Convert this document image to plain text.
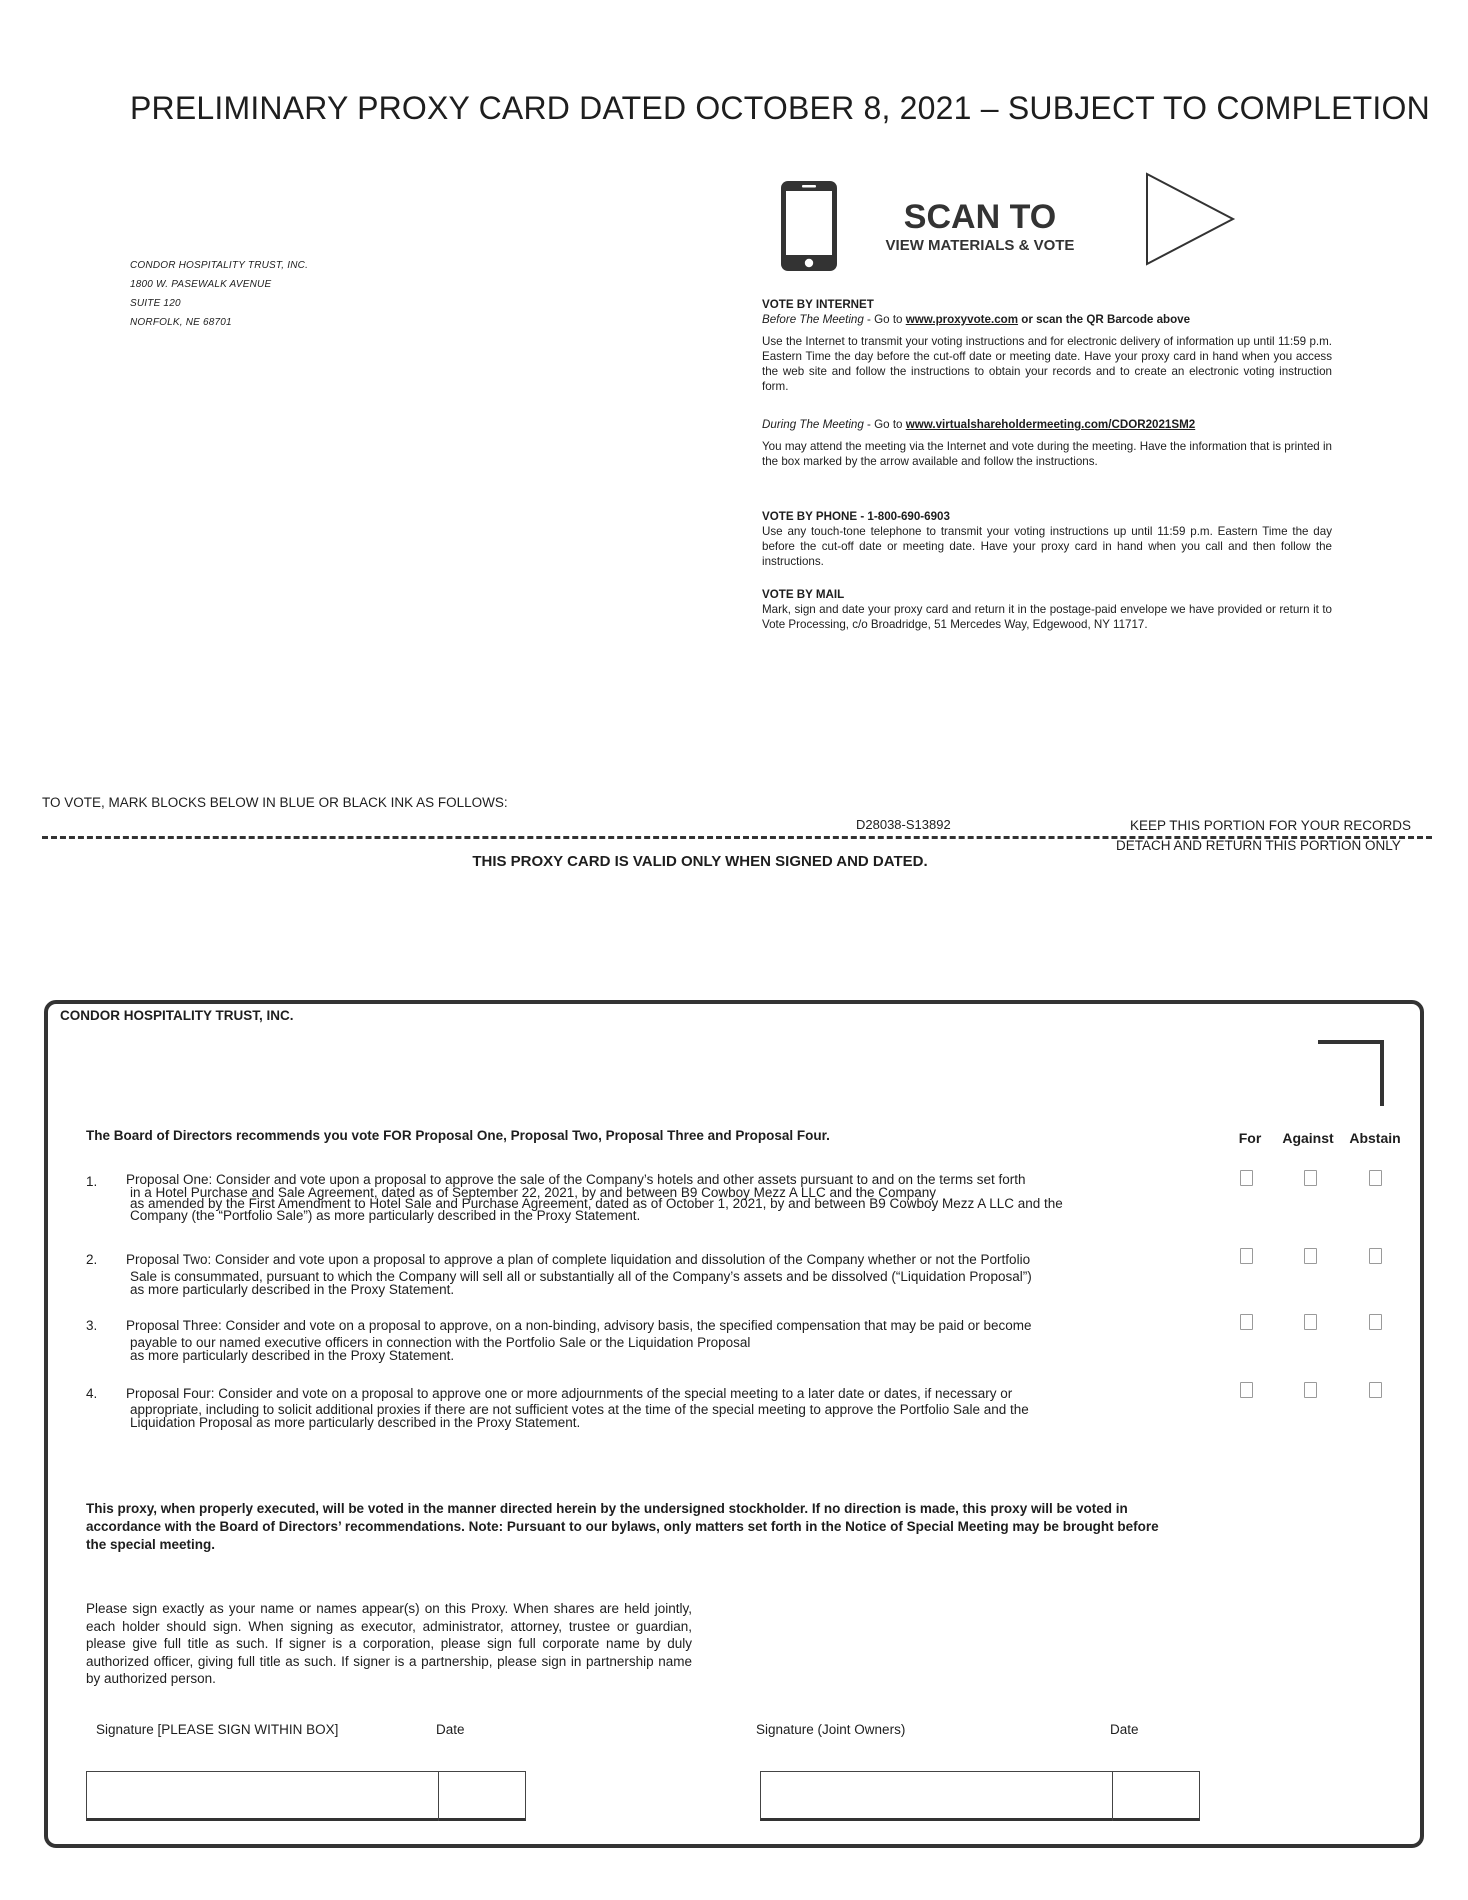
PRELIMINARY PROXY CARD DATED OCTOBER 8, 2021 – SUBJECT TO COMPLETION
CONDOR HOSPITALITY TRUST, INC.
1800 W. PASEWALK AVENUE
SUITE 120
NORFOLK, NE 68701
SCAN TO
VIEW MATERIALS & VOTE
VOTE BY INTERNET
Before The Meeting - Go to www.proxyvote.com or scan the QR Barcode above
Use the Internet to transmit your voting instructions and for electronic delivery of information up until 11:59 p.m. Eastern Time the day before the cut-off date or meeting date. Have your proxy card in hand when you access the web site and follow the instructions to obtain your records and to create an electronic voting instruction form.
During The Meeting - Go to www.virtualshareholdermeeting.com/CDOR2021SM2
You may attend the meeting via the Internet and vote during the meeting. Have the information that is printed in the box marked by the arrow available and follow the instructions.
VOTE BY PHONE - 1-800-690-6903
Use any touch-tone telephone to transmit your voting instructions up until 11:59 p.m. Eastern Time the day before the cut-off date or meeting date. Have your proxy card in hand when you call and then follow the instructions.
VOTE BY MAIL
Mark, sign and date your proxy card and return it in the postage-paid envelope we have provided or return it to Vote Processing, c/o Broadridge, 51 Mercedes Way, Edgewood, NY 11717.
TO VOTE, MARK BLOCKS BELOW IN BLUE OR BLACK INK AS FOLLOWS:
D28038-S13892	KEEP THIS PORTION FOR YOUR RECORDS
DETACH AND RETURN THIS PORTION ONLY
THIS PROXY CARD IS VALID ONLY WHEN SIGNED AND DATED.
CONDOR HOSPITALITY TRUST, INC.
The Board of Directors recommends you vote FOR Proposal One, Proposal Two, Proposal Three and Proposal Four.	For	Against	Abstain
1. Proposal One: Consider and vote upon a proposal to approve the sale of the Company’s hotels and other assets pursuant to and on the terms set forth
in a Hotel Purchase and Sale Agreement, dated as of September 22, 2021, by and between B9 Cowboy Mezz A LLC and the Company
as amended by the First Amendment to Hotel Sale and Purchase Agreement, dated as of October 1, 2021, by and between B9 Cowboy Mezz A LLC and the
Company (the “Portfolio Sale”) as more particularly described in the Proxy Statement.
2. Proposal Two: Consider and vote upon a proposal to approve a plan of complete liquidation and dissolution of the Company whether or not the Portfolio
Sale is consummated, pursuant to which the Company will sell all or substantially all of the Company’s assets and be dissolved (“Liquidation Proposal”)
as more particularly described in the Proxy Statement.
3. Proposal Three: Consider and vote on a proposal to approve, on a non-binding, advisory basis, the specified compensation that may be paid or become
payable to our named executive officers in connection with the Portfolio Sale or the Liquidation Proposal
as more particularly described in the Proxy Statement.
4. Proposal Four: Consider and vote on a proposal to approve one or more adjournments of the special meeting to a later date or dates, if necessary or
appropriate, including to solicit additional proxies if there are not sufficient votes at the time of the special meeting to approve the Portfolio Sale and the
Liquidation Proposal as more particularly described in the Proxy Statement.
This proxy, when properly executed, will be voted in the manner directed herein by the undersigned stockholder. If no direction is made, this proxy will be voted in accordance with the Board of Directors’ recommendations. Note: Pursuant to our bylaws, only matters set forth in the Notice of Special Meeting may be brought before the special meeting.
Please sign exactly as your name or names appear(s) on this Proxy. When shares are held jointly, each holder should sign. When signing as executor, administrator, attorney, trustee or guardian, please give full title as such. If signer is a corporation, please sign full corporate name by duly authorized officer, giving full title as such. If signer is a partnership, please sign in partnership name by authorized person.
Signature [PLEASE SIGN WITHIN BOX]	Date	Signature (Joint Owners)	Date
